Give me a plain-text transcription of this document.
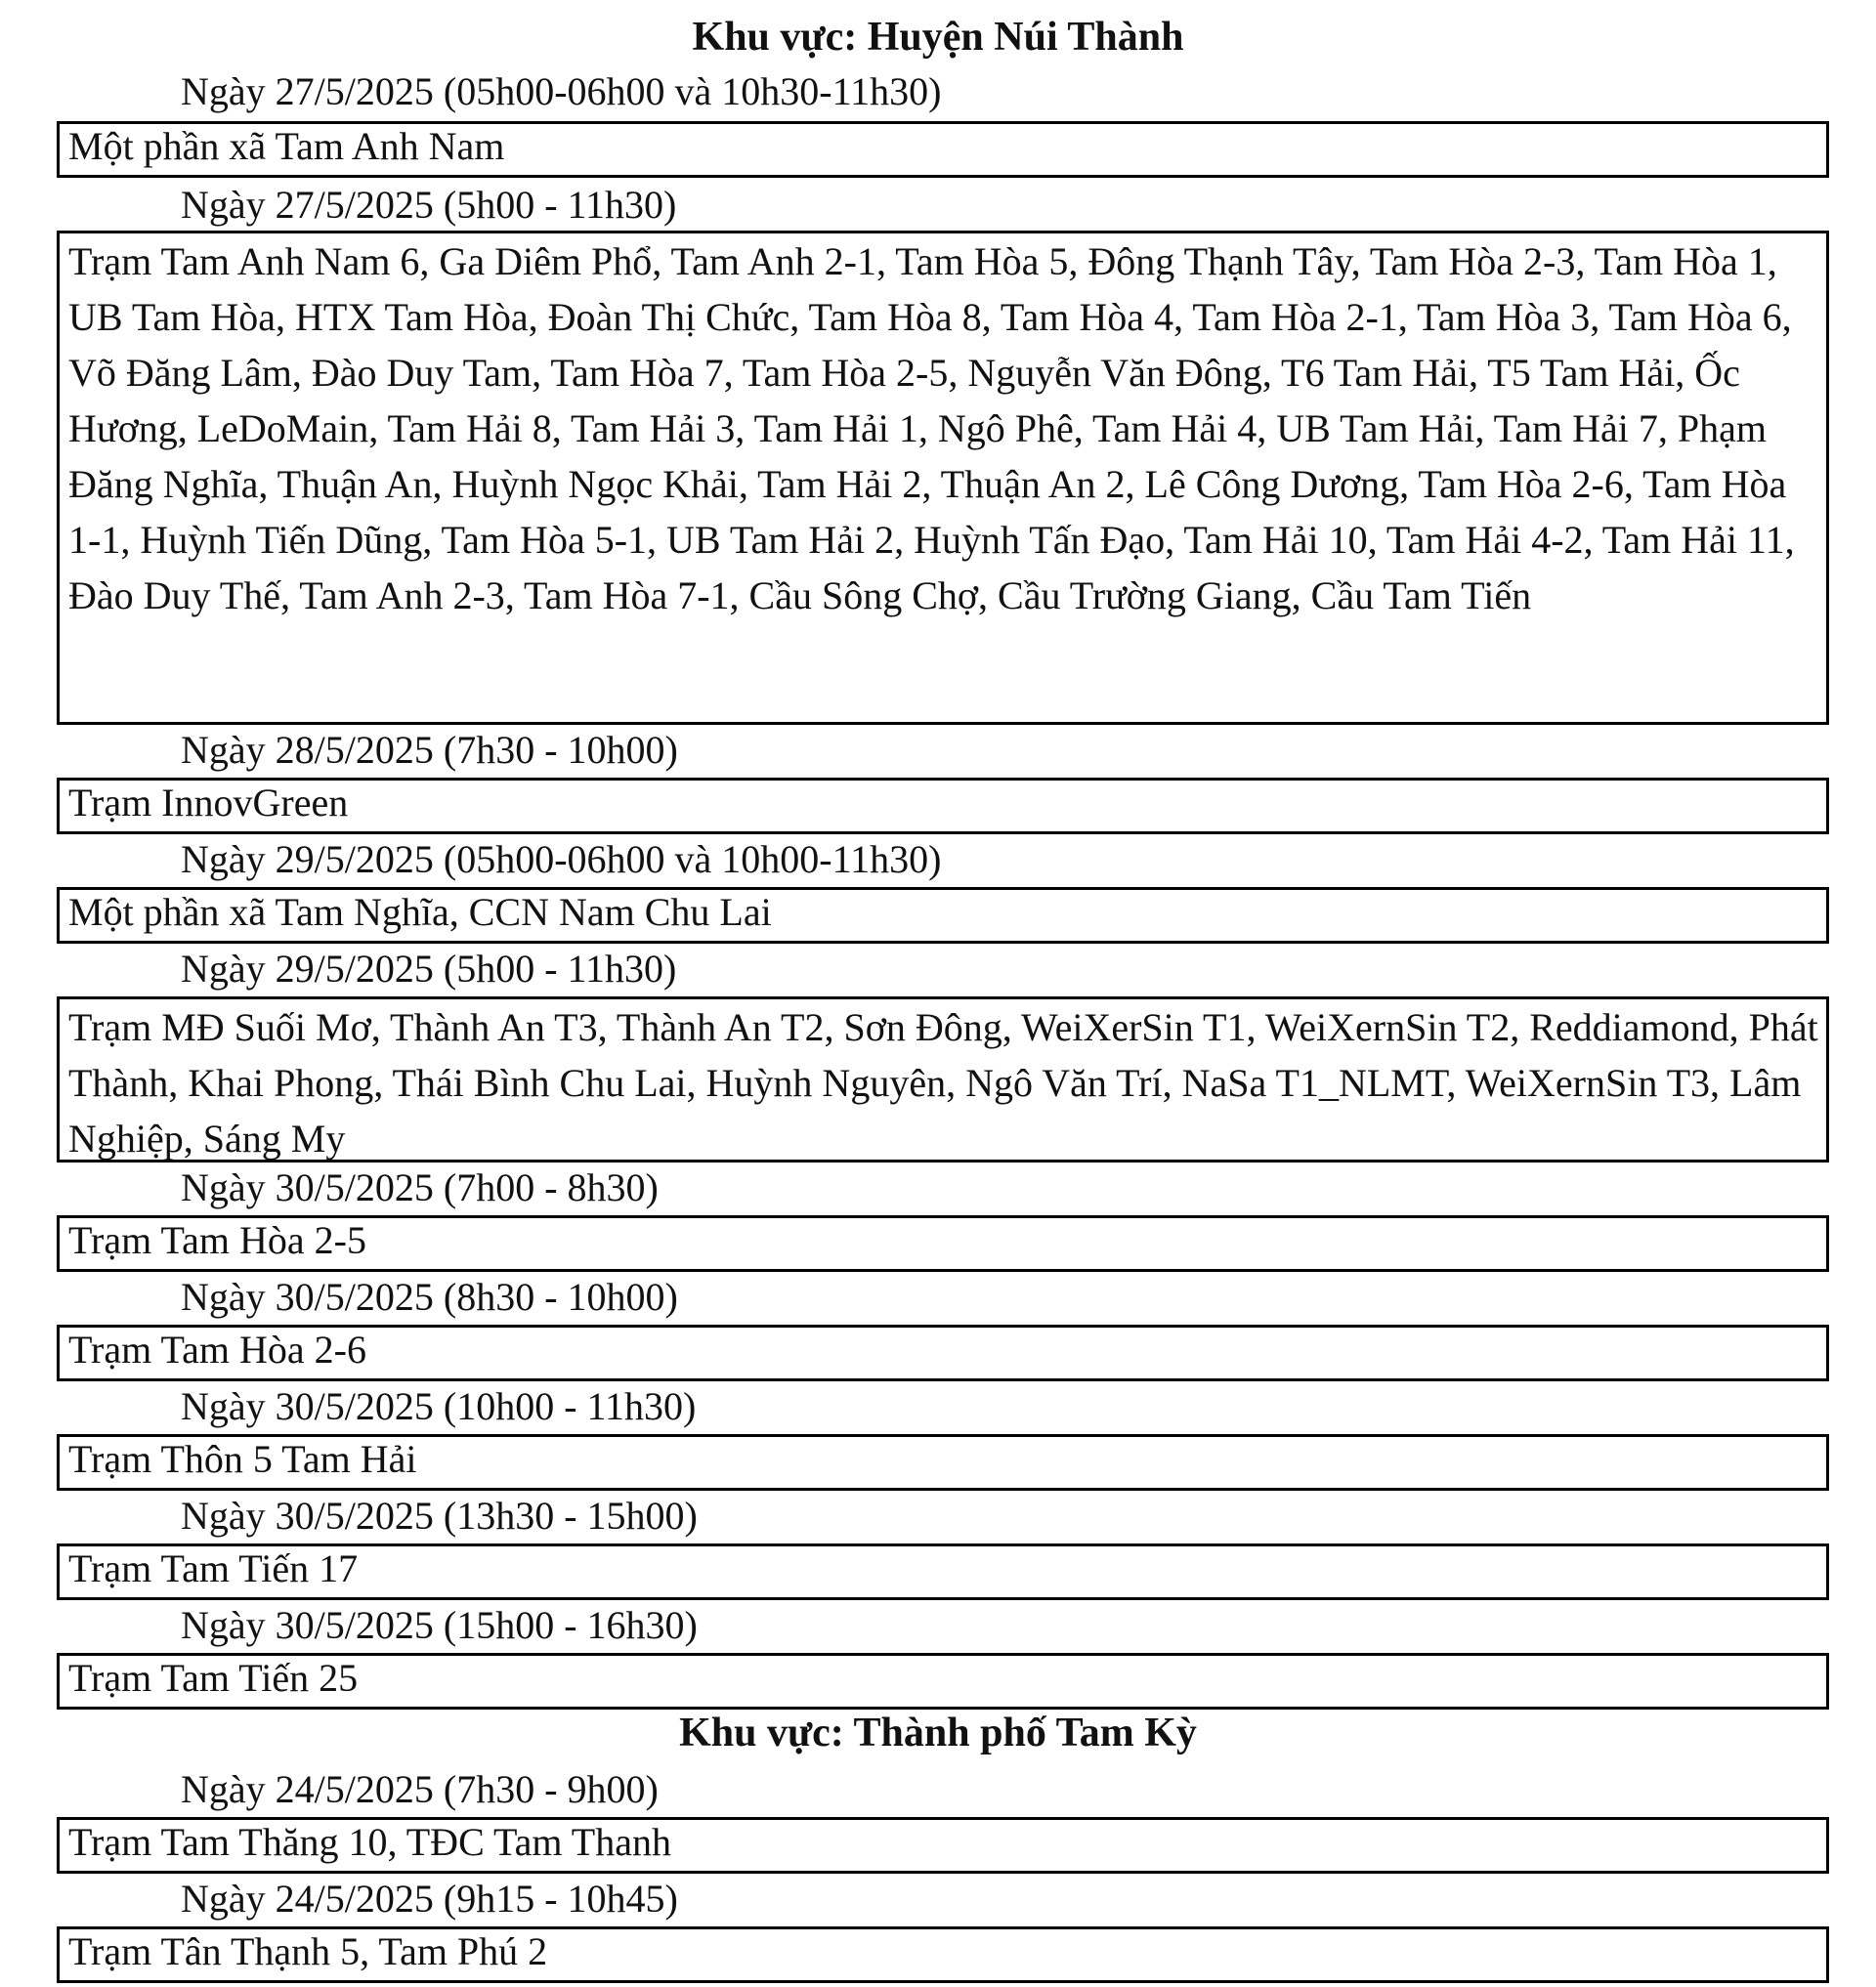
Khu vực: Huyện Núi Thành
Ngày 27/5/2025 (05h00-06h00 và 10h30-11h30)
Một phần xã Tam Anh Nam
Ngày 27/5/2025 (5h00 - 11h30)
Trạm Tam Anh Nam 6, Ga Diêm Phổ, Tam Anh 2-1, Tam Hòa 5, Đông Thạnh Tây, Tam Hòa 2-3, Tam Hòa 1, UB Tam Hòa, HTX Tam Hòa, Đoàn Thị Chức, Tam Hòa 8, Tam Hòa 4, Tam Hòa 2-1, Tam Hòa 3, Tam Hòa 6, Võ Đăng Lâm, Đào Duy Tam, Tam Hòa 7, Tam Hòa 2-5, Nguyễn Văn Đông, T6 Tam Hải, T5 Tam Hải, Ốc Hương, LeDoMain, Tam Hải 8, Tam Hải 3, Tam Hải 1, Ngô Phê, Tam Hải 4, UB Tam Hải, Tam Hải 7, Phạm Đăng Nghĩa, Thuận An, Huỳnh Ngọc Khải, Tam Hải 2, Thuận An 2, Lê Công Dương, Tam Hòa 2-6, Tam Hòa 1-1, Huỳnh Tiến Dũng, Tam Hòa 5-1, UB Tam Hải 2, Huỳnh Tấn Đạo, Tam Hải 10, Tam Hải 4-2, Tam Hải 11, Đào Duy Thế, Tam Anh 2-3, Tam Hòa 7-1, Cầu Sông Chợ, Cầu Trường Giang, Cầu Tam Tiến
Ngày 28/5/2025 (7h30 - 10h00)
Trạm InnovGreen
Ngày 29/5/2025 (05h00-06h00 và 10h00-11h30)
Một phần xã Tam Nghĩa, CCN Nam Chu Lai
Ngày 29/5/2025 (5h00 - 11h30)
Trạm MĐ Suối Mơ, Thành An T3, Thành An T2, Sơn Đông, WeiXerSin T1, WeiXernSin T2, Reddiamond, Phát Thành, Khai Phong, Thái Bình Chu Lai, Huỳnh Nguyên, Ngô Văn Trí, NaSa T1_NLMT, WeiXernSin T3, Lâm Nghiệp, Sáng My
Ngày 30/5/2025 (7h00 - 8h30)
Trạm Tam Hòa 2-5
Ngày 30/5/2025 (8h30 - 10h00)
Trạm Tam Hòa 2-6
Ngày 30/5/2025 (10h00 - 11h30)
Trạm Thôn 5 Tam Hải
Ngày 30/5/2025 (13h30 - 15h00)
Trạm Tam Tiến 17
Ngày 30/5/2025 (15h00 - 16h30)
Trạm Tam Tiến 25
Khu vực: Thành phố Tam Kỳ
Ngày 24/5/2025 (7h30 - 9h00)
Trạm Tam Thăng 10, TĐC Tam Thanh
Ngày 24/5/2025 (9h15 - 10h45)
Trạm Tân Thạnh 5, Tam Phú 2
